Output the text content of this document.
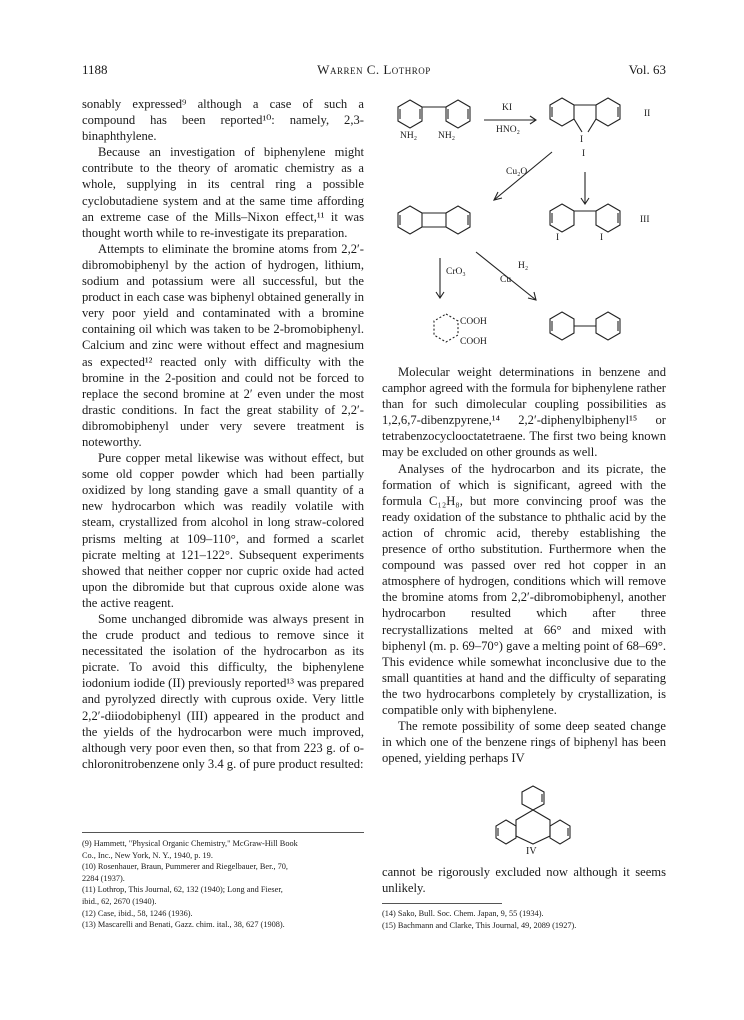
1188	Warren C. Lothrop	Vol. 63

sonably expressed⁹ although a case of such a compound has been reported¹⁰: namely, 2,3-binaphthylene.

Because an investigation of biphenylene might contribute to the theory of aromatic chemistry as a whole, supplying in its central ring a possible cyclobutadiene system and at the same time affording an extreme case of the Mills–Nixon effect,¹¹ it was thought worth while to re-investigate its preparation.

Attempts to eliminate the bromine atoms from 2,2′-dibromobiphenyl by the action of hydrogen, lithium, sodium and potassium were all successful, but the product in each case was biphenyl obtained generally in very poor yield and contaminated with a bromine containing oil which was taken to be 2-bromobiphenyl. Calcium and zinc were without effect and magnesium as expected¹² reacted only with difficulty with the bromine in the 2-position and could not be forced to replace the second bromine at 2′ even under the most drastic conditions. In fact the great stability of 2,2′-dibromobiphenyl under very severe treatment is noteworthy.

Pure copper metal likewise was without effect, but some old copper powder which had been partially oxidized by long standing gave a small quantity of a new hydrocarbon which was readily volatile with steam, crystallized from alcohol in long straw-colored prisms melting at 109–110°, and formed a scarlet picrate melting at 121–122°. Subsequent experiments showed that neither copper nor cupric oxide had acted upon the dibromide but that cuprous oxide alone was the active reagent.

Some unchanged dibromide was always present in the crude product and tedious to remove since it necessitated the isolation of the hydrocarbon as its picrate. To avoid this difficulty, the biphenylene iodonium iodide (II) previously reported¹³ was prepared and pyrolyzed directly with cuprous oxide. Very little 2,2′-diiodobiphenyl (III) appeared in the product and the yields of the hydrocarbon were much improved, although very poor even then, so that from 223 g. of o-chloronitrobenzene only 3.4 g. of pure product resulted:

NH₂ NH₂
KI
HNO₂
I
I
II
Cu₂O
I	I
III
CrO₃
H₂
Cu
COOH
COOH

Molecular weight determinations in benzene and camphor agreed with the formula for biphenylene rather than for such dimolecular coupling possibilities as 1,2,6,7-dibenzpyrene,¹⁴ 2,2′-diphenylbiphenyl¹⁵ or tetrabenzocyclooctatetraene. The first two being known may be excluded on other grounds as well.

Analyses of the hydrocarbon and its picrate, the formation of which is significant, agreed with the formula C₁₂H₈, but more convincing proof was the ready oxidation of the substance to phthalic acid by the action of chromic acid, thereby establishing the presence of ortho substitution. Furthermore when the compound was passed over red hot copper in an atmosphere of hydrogen, conditions which will remove the bromine atoms from 2,2′-dibromobiphenyl, another hydrocarbon resulted which after three recrystallizations melted at 66° and mixed with biphenyl (m. p. 69–70°) gave a melting point of 68–69°. This evidence while somewhat inconclusive due to the small quantities at hand and the difficulty of separating the two hydrocarbons completely by crystallization, is compatible only with biphenylene.

The remote possibility of some deep seated change in which one of the benzene rings of biphenyl has been opened, yielding perhaps IV

IV
cannot be rigorously excluded now although it seems unlikely.
(9) Hammett, "Physical Organic Chemistry," McGraw-Hill Book
Co., Inc., New York, N. Y., 1940, p. 19.
(10) Rosenhauer, Braun, Pummerer and Riegelbauer, Ber., 70,
2284 (1937).
(11) Lothrop, This Journal, 62, 132 (1940); Long and Fieser,
ibid., 62, 2670 (1940).
(12) Case, ibid., 58, 1246 (1936).
(13) Mascarelli and Benati, Gazz. chim. ital., 38, 627 (1908).
(14) Sako, Bull. Soc. Chem. Japan, 9, 55 (1934).
(15) Bachmann and Clarke, This Journal, 49, 2089 (1927).
